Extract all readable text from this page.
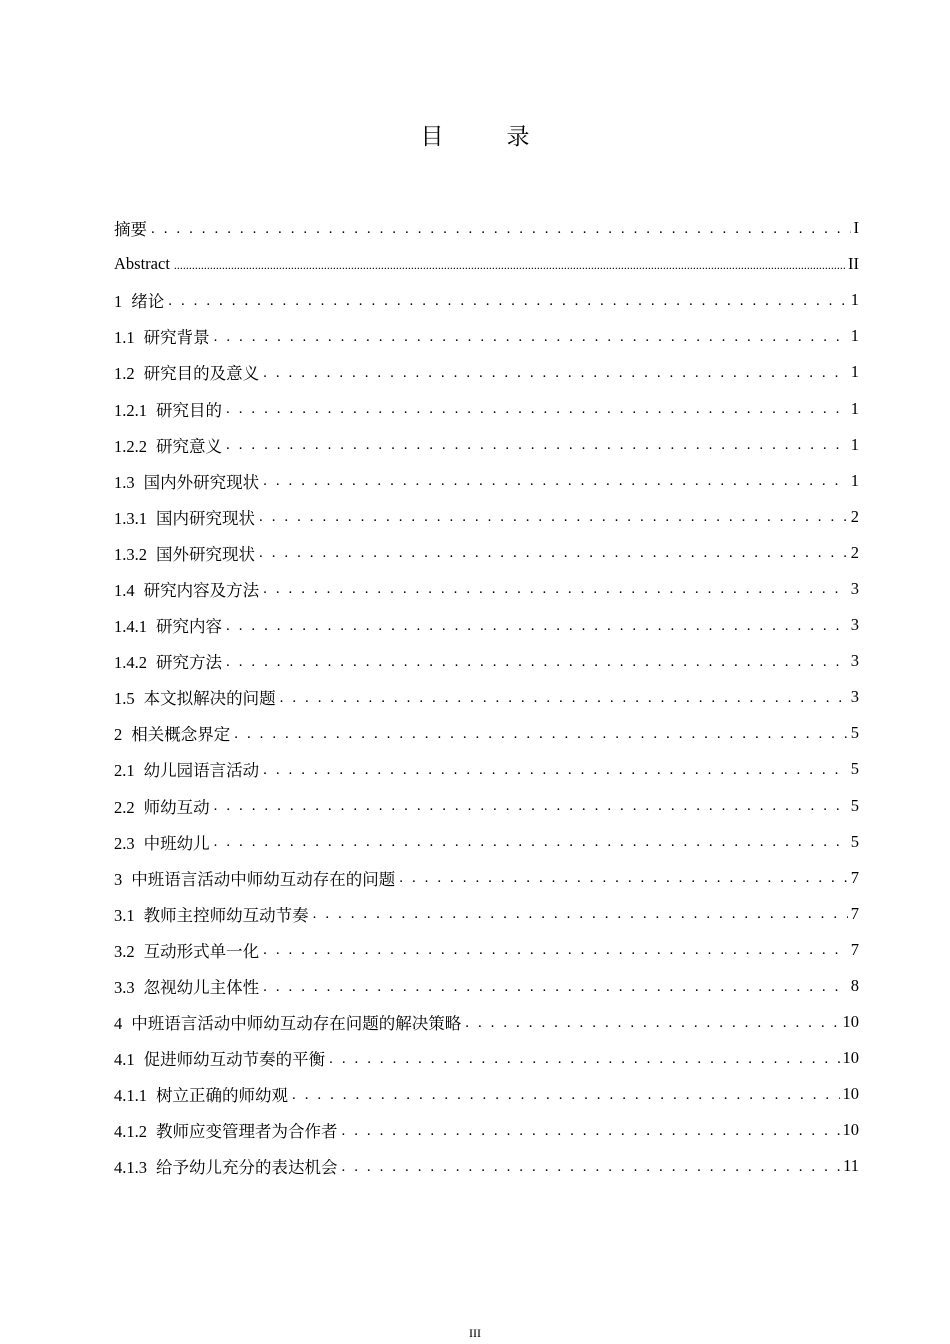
目　录
摘要 . . .	I
Abstract .....	II
1 绪论 . . .	1
1.1 研究背景 . . .	1
1.2 研究目的及意义 . . .	1
1.2.1 研究目的 . . .	1
1.2.2 研究意义 . . .	1
1.3 国内外研究现状 . . .	1
1.3.1 国内研究现状 . . .	2
1.3.2 国外研究现状 . . .	2
1.4 研究内容及方法 . . .	3
1.4.1 研究内容 . . .	3
1.4.2 研究方法 . . .	3
1.5 本文拟解决的问题 . . .	3
2 相关概念界定 . . .	5
2.1 幼儿园语言活动 . . .	5
2.2 师幼互动 . . .	5
2.3 中班幼儿 . . .	5
3 中班语言活动中师幼互动存在的问题 . . .	7
3.1 教师主控师幼互动节奏 . . .	7
3.2 互动形式单一化 . . .	7
3.3 忽视幼儿主体性 . . .	8
4 中班语言活动中师幼互动存在问题的解决策略 . . .	10
4.1 促进师幼互动节奏的平衡 . . .	10
4.1.1 树立正确的师幼观 . . .	10
4.1.2 教师应变管理者为合作者 . . .	10
4.1.3 给予幼儿充分的表达机会 . . .	11
III
